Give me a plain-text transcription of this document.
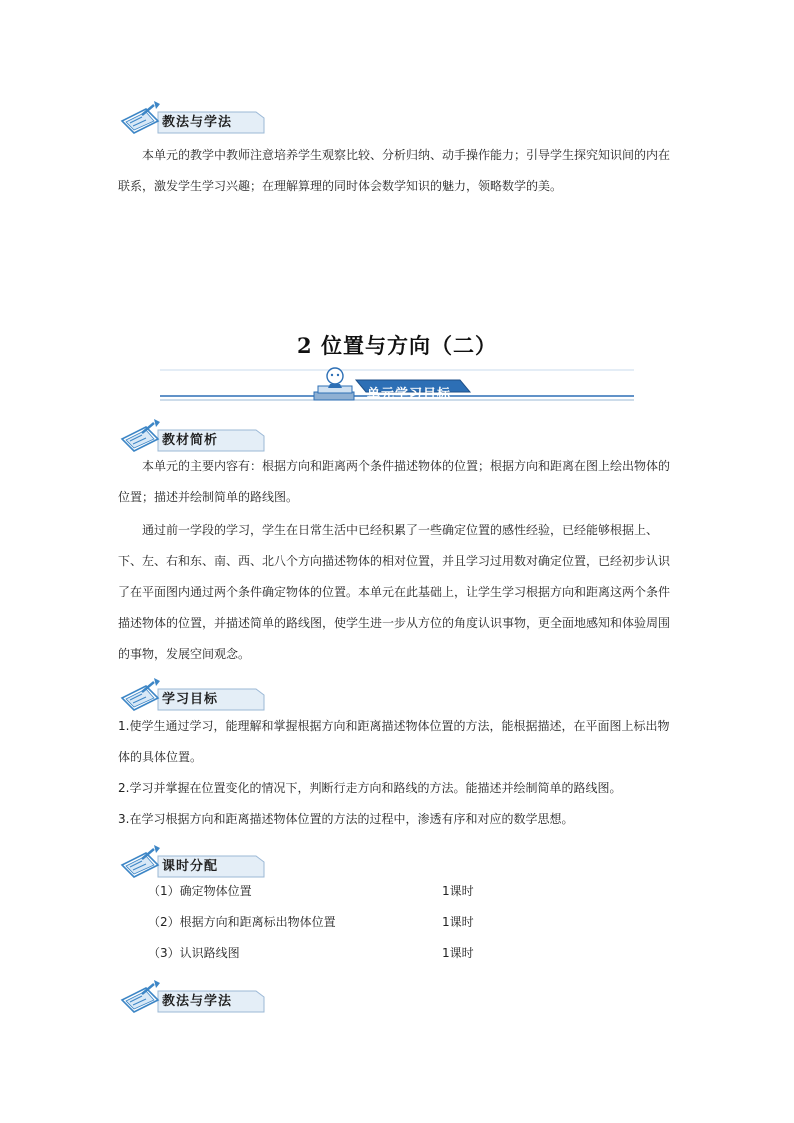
教法与学法

本单元的教学中教师注意培养学生观察比较、分析归纳、动手操作能力；引导学生探究知识间的内在联系，激发学生学习兴趣；在理解算理的同时体会数学知识的魅力，领略数学的美。

2 位置与方向（二）
单元学习目标
教材简析

本单元的主要内容有：根据方向和距离两个条件描述物体的位置；根据方向和距离在图上绘出物体的位置；描述并绘制简单的路线图。

通过前一学段的学习，学生在日常生活中已经积累了一些确定位置的感性经验，已经能够根据上、下、左、右和东、南、西、北八个方向描述物体的相对位置，并且学习过用数对确定位置，已经初步认识了在平面图内通过两个条件确定物体的位置。本单元在此基础上，让学生学习根据方向和距离这两个条件描述物体的位置，并描述简单的路线图，使学生进一步从方位的角度认识事物，更全面地感知和体验周围的事物，发展空间观念。

学习目标

1.使学生通过学习，能理解和掌握根据方向和距离描述物体位置的方法，能根据描述，在平面图上标出物体的具体位置。

2.学习并掌握在位置变化的情况下，判断行走方向和路线的方法。能描述并绘制简单的路线图。

3.在学习根据方向和距离描述物体位置的方法的过程中，渗透有序和对应的数学思想。

课时分配
（1）确定物体位置	1课时
（2）根据方向和距离标出物体位置	1课时
（3）认识路线图	1课时
教法与学法
